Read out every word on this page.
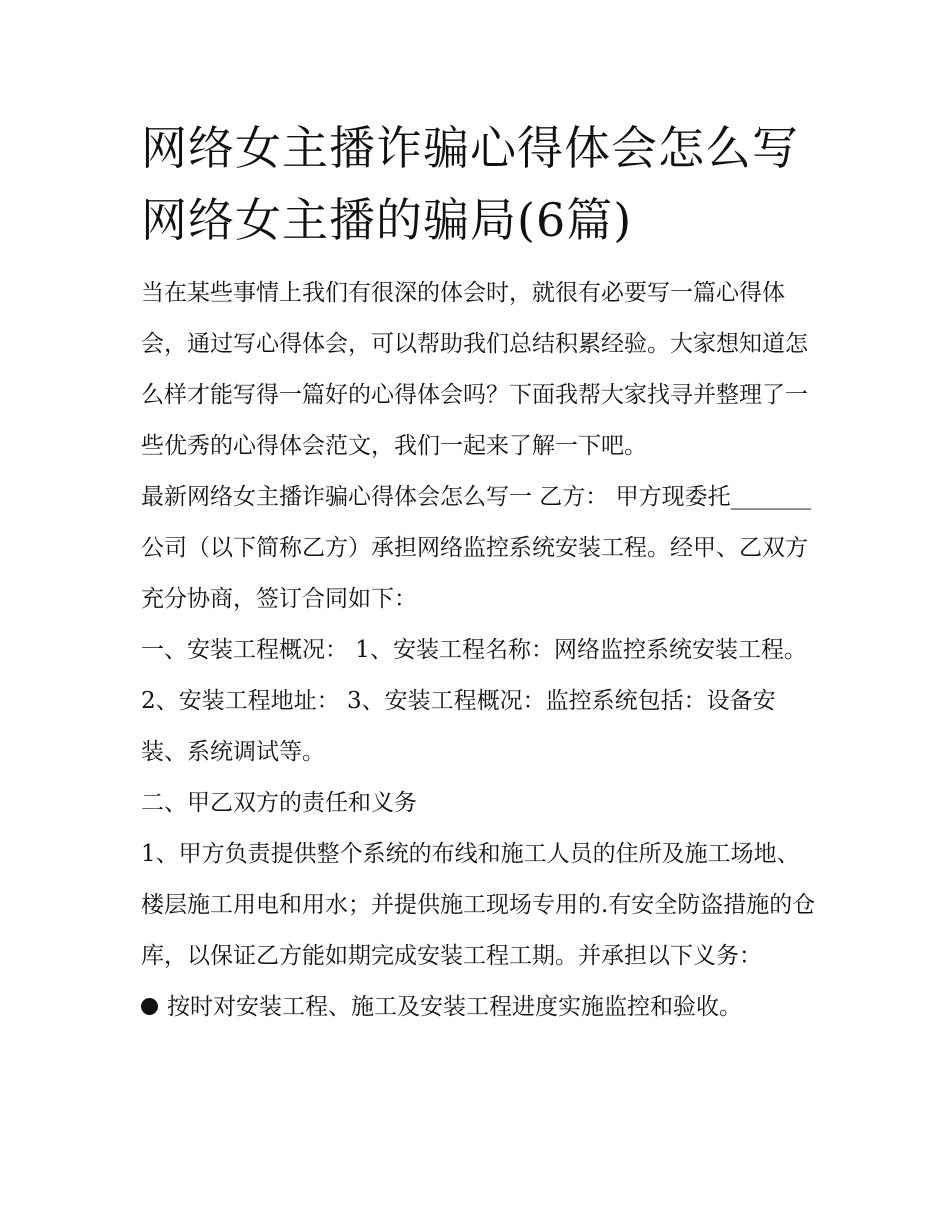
网络女主播诈骗心得体会怎么写 网络女主播的骗局(6篇)

当在某些事情上我们有很深的体会时，就很有必要写一篇心得体会，通过写心得体会，可以帮助我们总结积累经验。大家想知道怎么样才能写得一篇好的心得体会吗？下面我帮大家找寻并整理了一些优秀的心得体会范文，我们一起来了解一下吧。

最新网络女主播诈骗心得体会怎么写一 乙方： 甲方现委托_______公司（以下简称乙方）承担网络监控系统安装工程。经甲、乙双方充分协商，签订合同如下：

一、安装工程概况： 1、安装工程名称：网络监控系统安装工程。 2、安装工程地址： 3、安装工程概况：监控系统包括：设备安装、系统调试等。

二、甲乙双方的责任和义务

1、甲方负责提供整个系统的布线和施工人员的住所及施工场地、楼层施工用电和用水；并提供施工现场专用的.有安全防盗措施的仓库，以保证乙方能如期完成安装工程工期。并承担以下义务：

按时对安装工程、施工及安装工程进度实施监控和验收。
